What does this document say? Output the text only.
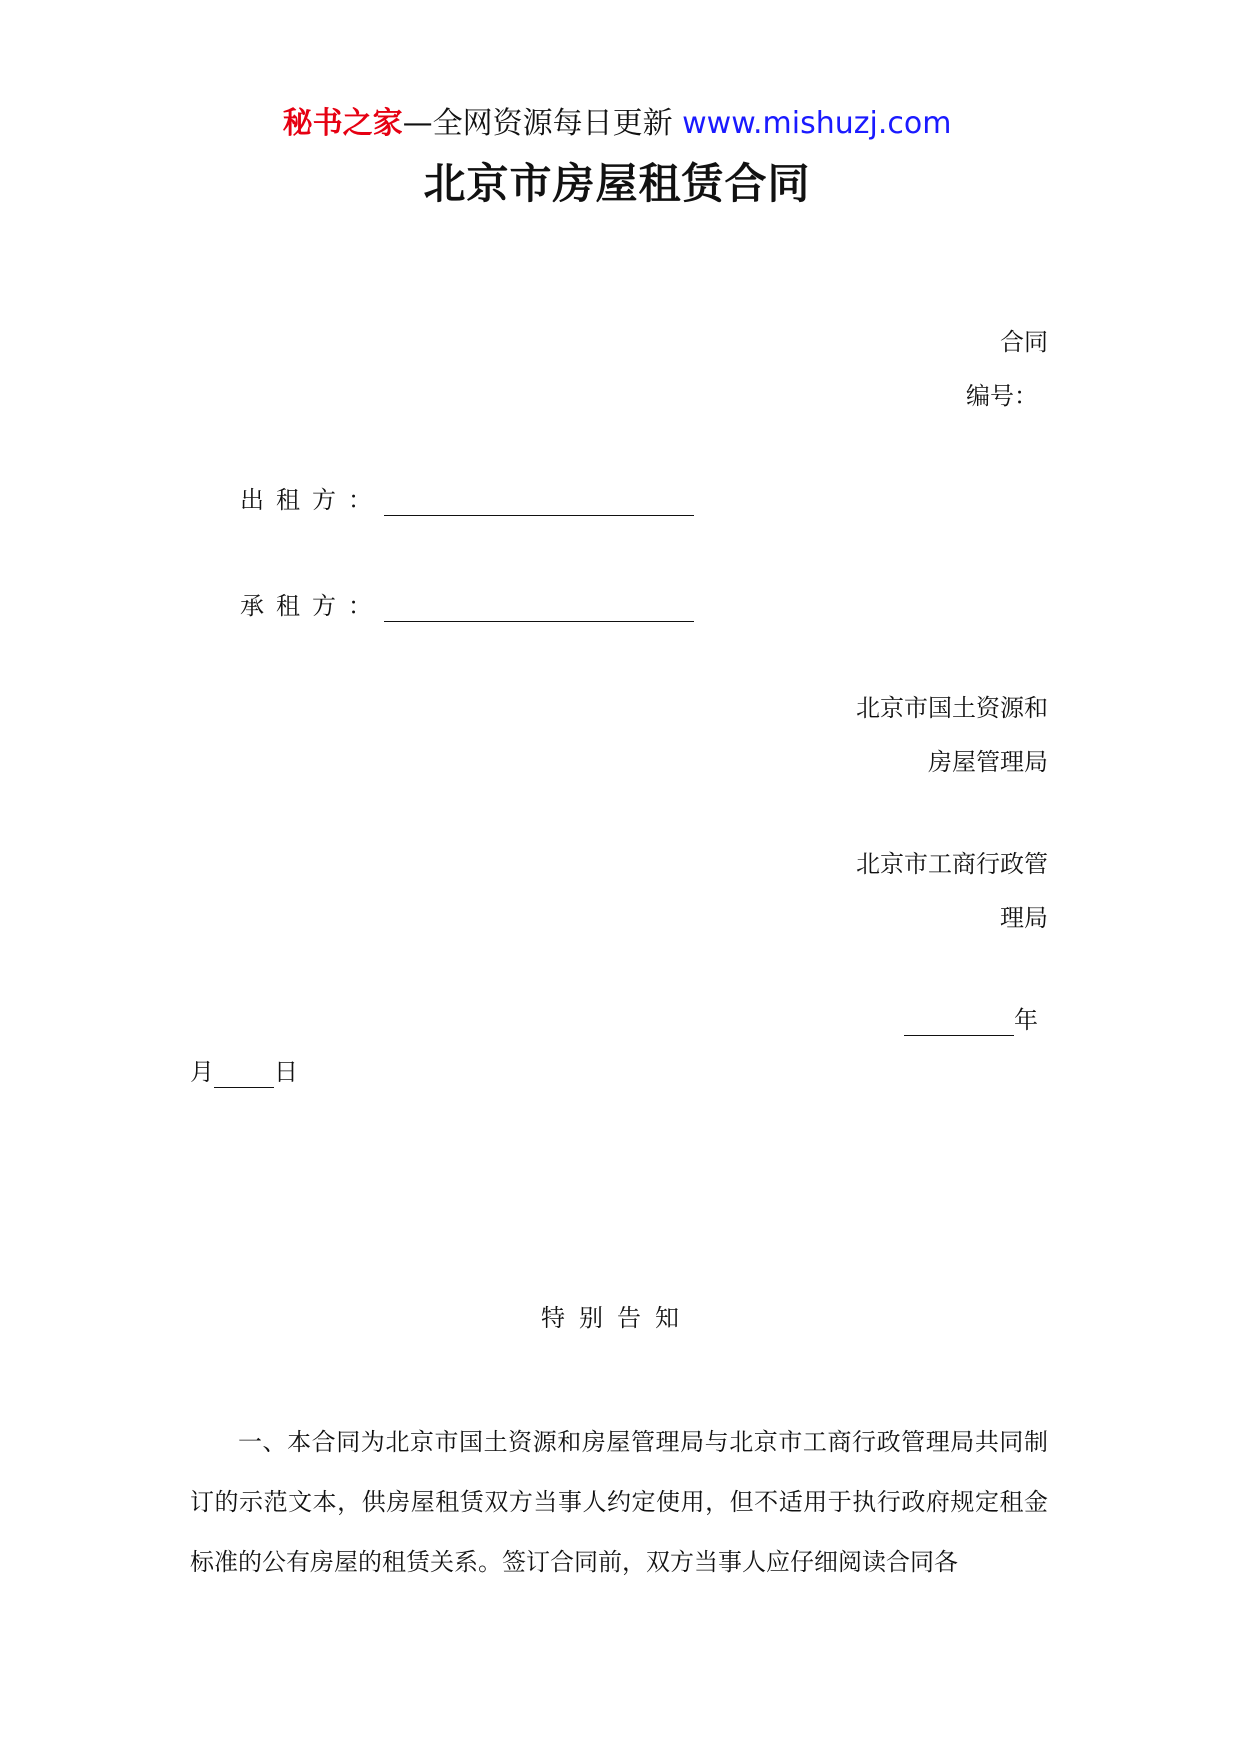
秘书之家—全网资源每日更新 www.mishuzj.com
北京市房屋租赁合同
合同
编号：
出租方：
承租方：
北京市国土资源和
房屋管理局
北京市工商行政管
理局
年
月	日
特别告知
一、本合同为北京市国土资源和房屋管理局与北京市工商行政管理局共同制订的示范文本，供房屋租赁双方当事人约定使用，但不适用于执行政府规定租金标准的公有房屋的租赁关系。签订合同前，双方当事人应仔细阅读合同各
